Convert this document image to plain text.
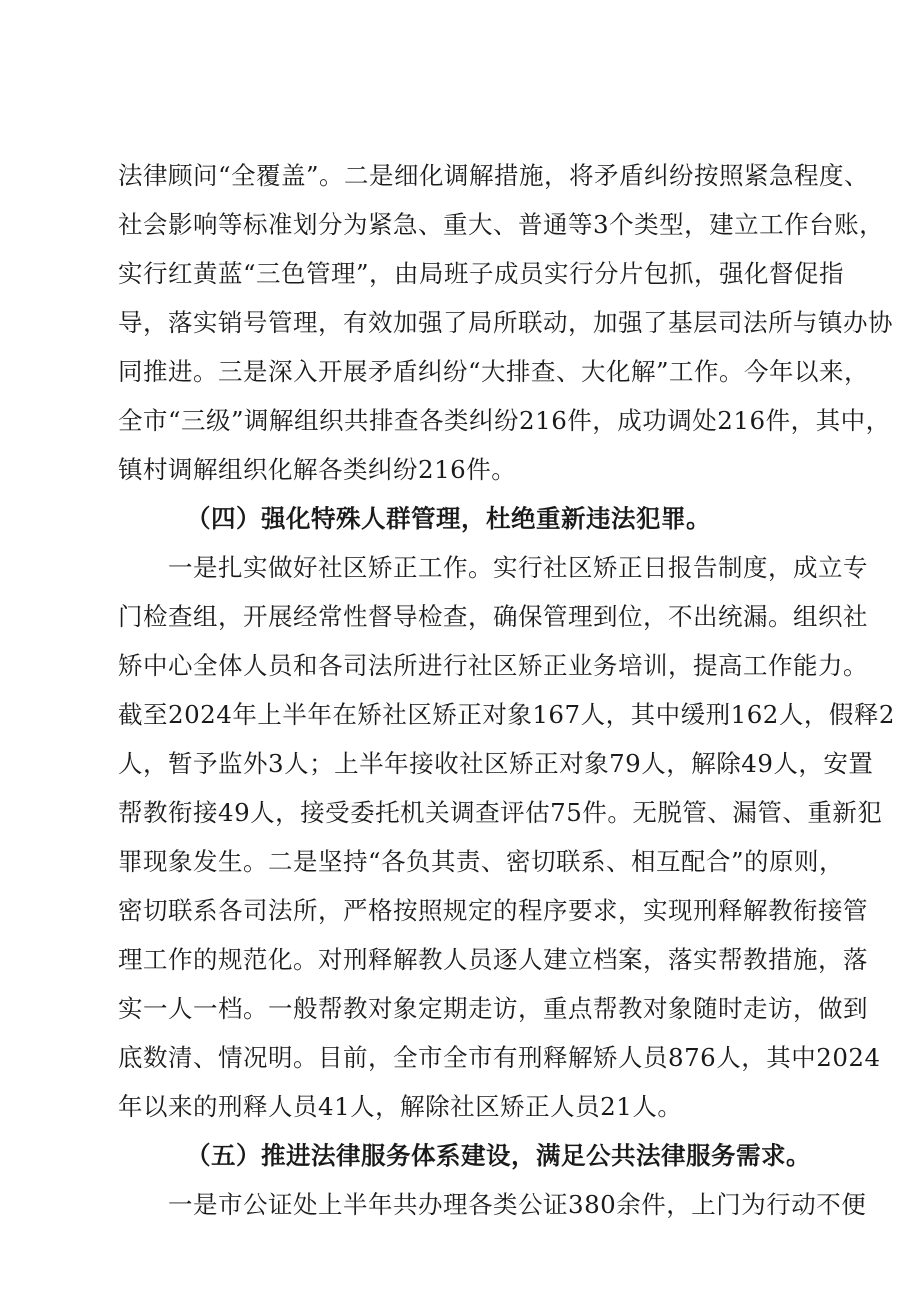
法律顾问“全覆盖”。二是细化调解措施，将矛盾纠纷按照紧急程度、
社会影响等标准划分为紧急、重大、普通等3个类型，建立工作台账，
实行红黄蓝“三色管理”，由局班子成员实行分片包抓，强化督促指
导，落实销号管理，有效加强了局所联动，加强了基层司法所与镇办协
同推进。三是深入开展矛盾纠纷“大排查、大化解”工作。今年以来，
全市“三级”调解组织共排查各类纠纷216件，成功调处216件，其中，
镇村调解组织化解各类纠纷216件。
（四）强化特殊人群管理，杜绝重新违法犯罪。
一是扎实做好社区矫正工作。实行社区矫正日报告制度，成立专
门检查组，开展经常性督导检查，确保管理到位，不出统漏。组织社
矫中心全体人员和各司法所进行社区矫正业务培训，提高工作能力。
截至2024年上半年在矫社区矫正对象167人，其中缓刑162人，假释2
人，暂予监外3人；上半年接收社区矫正对象79人，解除49人，安置
帮教衔接49人，接受委托机关调查评估75件。无脱管、漏管、重新犯
罪现象发生。二是坚持“各负其责、密切联系、相互配合”的原则，
密切联系各司法所，严格按照规定的程序要求，实现刑释解教衔接管
理工作的规范化。对刑释解教人员逐人建立档案，落实帮教措施，落
实一人一档。一般帮教对象定期走访，重点帮教对象随时走访，做到
底数清、情况明。目前，全市全市有刑释解矫人员876人，其中2024
年以来的刑释人员41人，解除社区矫正人员21人。
（五）推进法律服务体系建设，满足公共法律服务需求。
一是市公证处上半年共办理各类公证380余件，上门为行动不便
